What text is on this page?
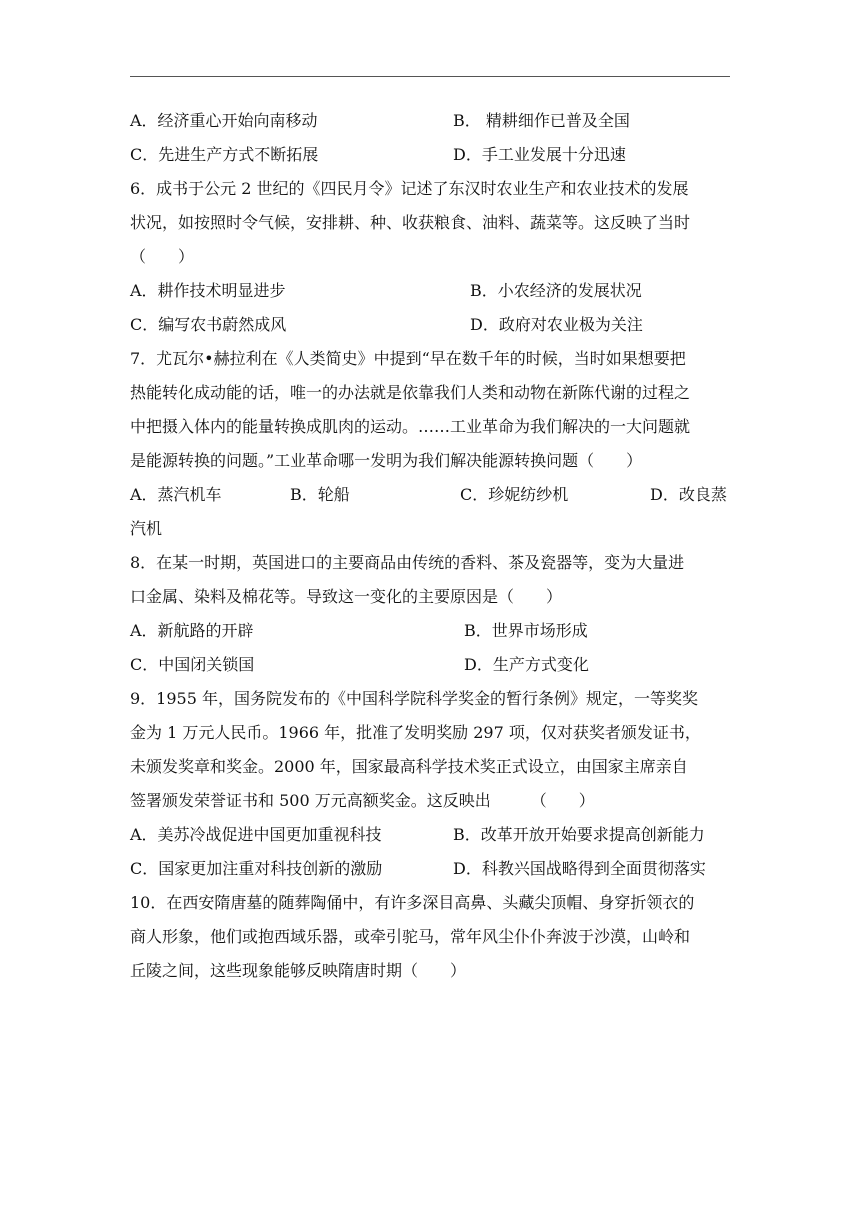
A．经济重心开始向南移动	B． 精耕细作已普及全国
C．先进生产方式不断拓展	D．手工业发展十分迅速
6．成书于公元 2 世纪的《四民月令》记述了东汉时农业生产和农业技术的发展
状况，如按照时令气候，安排耕、种、收获粮食、油料、蔬菜等。这反映了当时
（　　）
A．耕作技术明显进步	B．小农经济的发展状况
C．编写农书蔚然成风	D．政府对农业极为关注
7．尤瓦尔•赫拉利在《人类简史》中提到“早在数千年的时候，当时如果想要把
热能转化成动能的话，唯一的办法就是依靠我们人类和动物在新陈代谢的过程之
中把摄入体内的能量转换成肌肉的运动。……工业革命为我们解决的一大问题就
是能源转换的问题。”工业革命哪一发明为我们解决能源转换问题（　　）
A．蒸汽机车	B．轮船	C．珍妮纺纱机	D．改良蒸
汽机
8．在某一时期，英国进口的主要商品由传统的香料、茶及瓷器等，变为大量进
口金属、染料及棉花等。导致这一变化的主要原因是（　　）
A．新航路的开辟	B．世界市场形成
C．中国闭关锁国	D．生产方式变化
9．1955 年，国务院发布的《中国科学院科学奖金的暂行条例》规定，一等奖奖
金为 1 万元人民币。1966 年，批准了发明奖励 297 项，仅对获奖者颁发证书，
未颁发奖章和奖金。2000 年，国家最高科学技术奖正式设立，由国家主席亲自
签署颁发荣誉证书和 500 万元高额奖金。这反映出　　　（　　）
A．美苏冷战促进中国更加重视科技	B．改革开放开始要求提高创新能力
C．国家更加注重对科技创新的激励	D．科教兴国战略得到全面贯彻落实
10．在西安隋唐墓的随葬陶俑中，有许多深目高鼻、头藏尖顶帽、身穿折领衣的
商人形象，他们或抱西域乐器，或牵引驼马，常年风尘仆仆奔波于沙漠，山岭和
丘陵之间，这些现象能够反映隋唐时期（　　）
